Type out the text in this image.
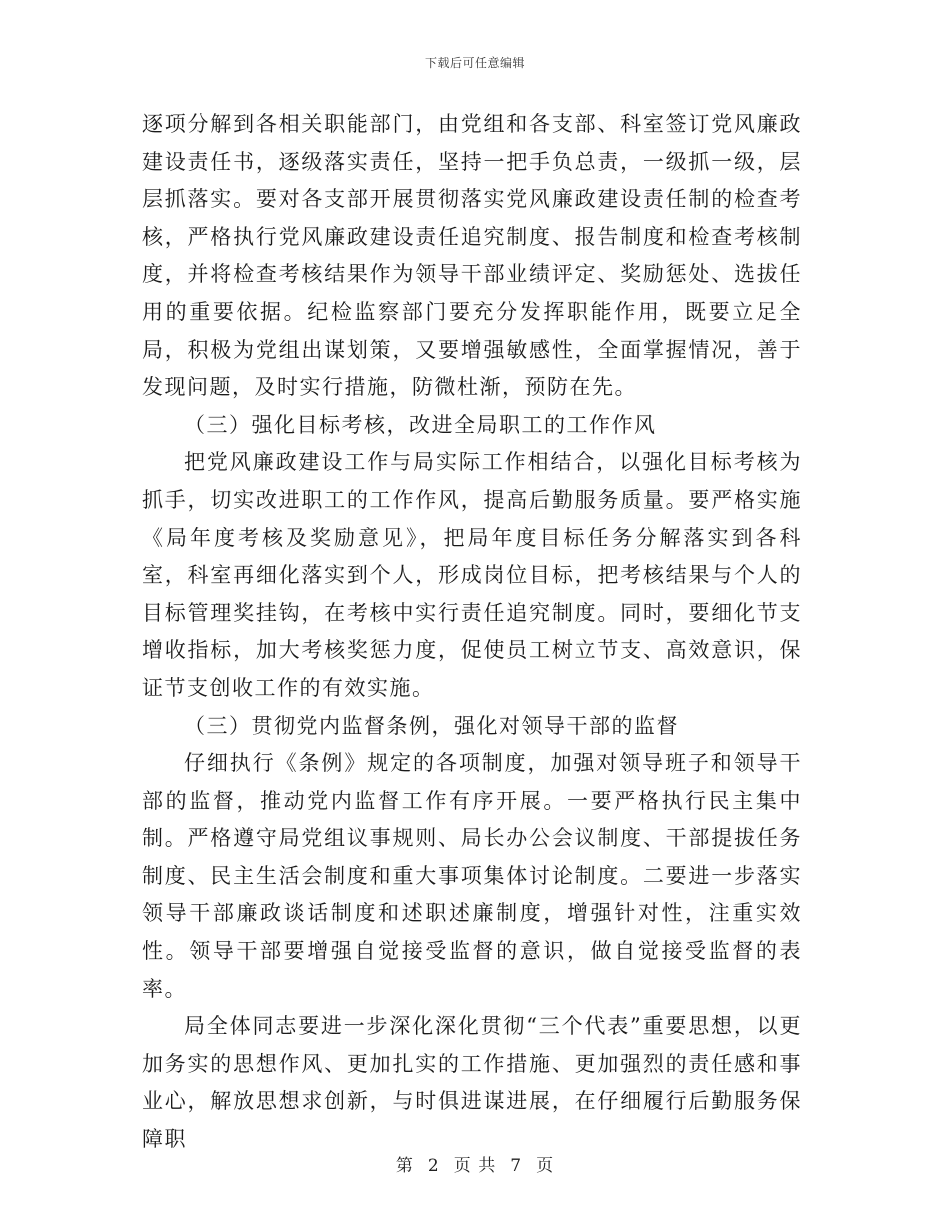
下载后可任意编辑

逐项分解到各相关职能部门，由党组和各支部、科室签订党风廉政建设责任书，逐级落实责任，坚持一把手负总责，一级抓一级，层层抓落实。要对各支部开展贯彻落实党风廉政建设责任制的检查考核，严格执行党风廉政建设责任追究制度、报告制度和检查考核制度，并将检查考核结果作为领导干部业绩评定、奖励惩处、选拔任用的重要依据。纪检监察部门要充分发挥职能作用，既要立足全局，积极为党组出谋划策，又要增强敏感性，全面掌握情况，善于发现问题，及时实行措施，防微杜渐，预防在先。

（三）强化目标考核，改进全局职工的工作作风

把党风廉政建设工作与局实际工作相结合，以强化目标考核为抓手，切实改进职工的工作作风，提高后勤服务质量。要严格实施《局年度考核及奖励意见》，把局年度目标任务分解落实到各科室，科室再细化落实到个人，形成岗位目标，把考核结果与个人的目标管理奖挂钩，在考核中实行责任追究制度。同时，要细化节支增收指标，加大考核奖惩力度，促使员工树立节支、高效意识，保证节支创收工作的有效实施。

（三）贯彻党内监督条例，强化对领导干部的监督

仔细执行《条例》规定的各项制度，加强对领导班子和领导干部的监督，推动党内监督工作有序开展。一要严格执行民主集中制。严格遵守局党组议事规则、局长办公会议制度、干部提拔任务制度、民主生活会制度和重大事项集体讨论制度。二要进一步落实领导干部廉政谈话制度和述职述廉制度，增强针对性，注重实效性。领导干部要增强自觉接受监督的意识，做自觉接受监督的表率。

局全体同志要进一步深化深化贯彻“三个代表”重要思想，以更加务实的思想作风、更加扎实的工作措施、更加强烈的责任感和事业心，解放思想求创新，与时俱进谋进展，在仔细履行后勤服务保障职

第 2 页 共 7 页
